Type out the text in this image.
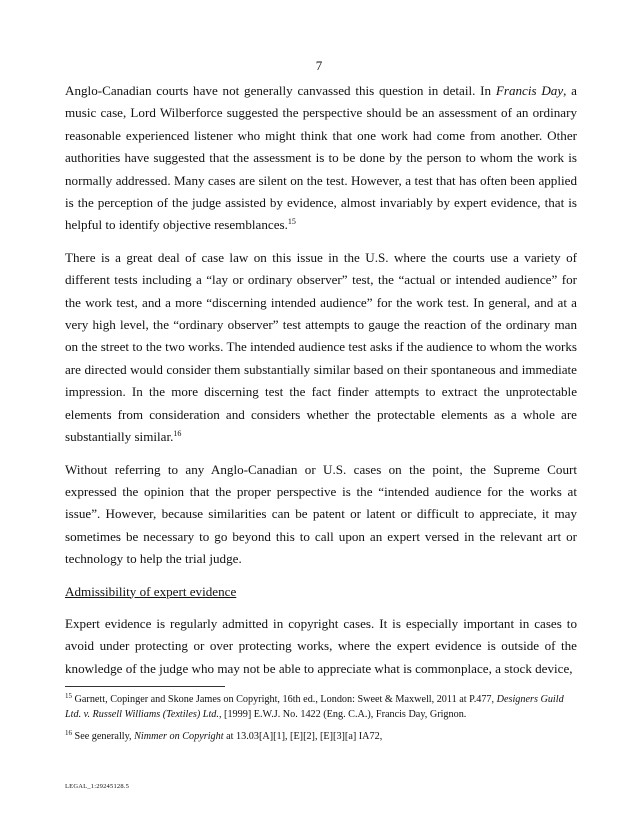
7

Anglo-Canadian courts have not generally canvassed this question in detail. In Francis Day, a music case, Lord Wilberforce suggested the perspective should be an assessment of an ordinary reasonable experienced listener who might think that one work had come from another. Other authorities have suggested that the assessment is to be done by the person to whom the work is normally addressed. Many cases are silent on the test. However, a test that has often been applied is the perception of the judge assisted by evidence, almost invariably by expert evidence, that is helpful to identify objective resemblances.$^{15}$

There is a great deal of case law on this issue in the U.S. where the courts use a variety of different tests including a “lay or ordinary observer” test, the “actual or intended audience” for the work test, and a more “discerning intended audience” for the work test. In general, and at a very high level, the “ordinary observer” test attempts to gauge the reaction of the ordinary man on the street to the two works. The intended audience test asks if the audience to whom the works are directed would consider them substantially similar based on their spontaneous and immediate impression. In the more discerning test the fact finder attempts to extract the unprotectable elements from consideration and considers whether the protectable elements as a whole are substantially similar.$^{16}$

Without referring to any Anglo-Canadian or U.S. cases on the point, the Supreme Court expressed the opinion that the proper perspective is the “intended audience for the works at issue”. However, because similarities can be patent or latent or difficult to appreciate, it may sometimes be necessary to go beyond this to call upon an expert versed in the relevant art or technology to help the trial judge.

Admissibility of expert evidence

Expert evidence is regularly admitted in copyright cases. It is especially important in cases to avoid under protecting or over protecting works, where the expert evidence is outside of the knowledge of the judge who may not be able to appreciate what is commonplace, a stock device,

$^{15}$ Garnett, Copinger and Skone James on Copyright, 16th ed., London: Sweet & Maxwell, 2011 at P.477, Designers Guild Ltd. v. Russell Williams (Textiles) Ltd., [1999] E.W.J. No. 1422 (Eng. C.A.), Francis Day, Grignon.
$^{16}$ See generally, Nimmer on Copyright at 13.03[A][1], [E][2], [E][3][a] IA72,
LEGAL_1:29245128.5
